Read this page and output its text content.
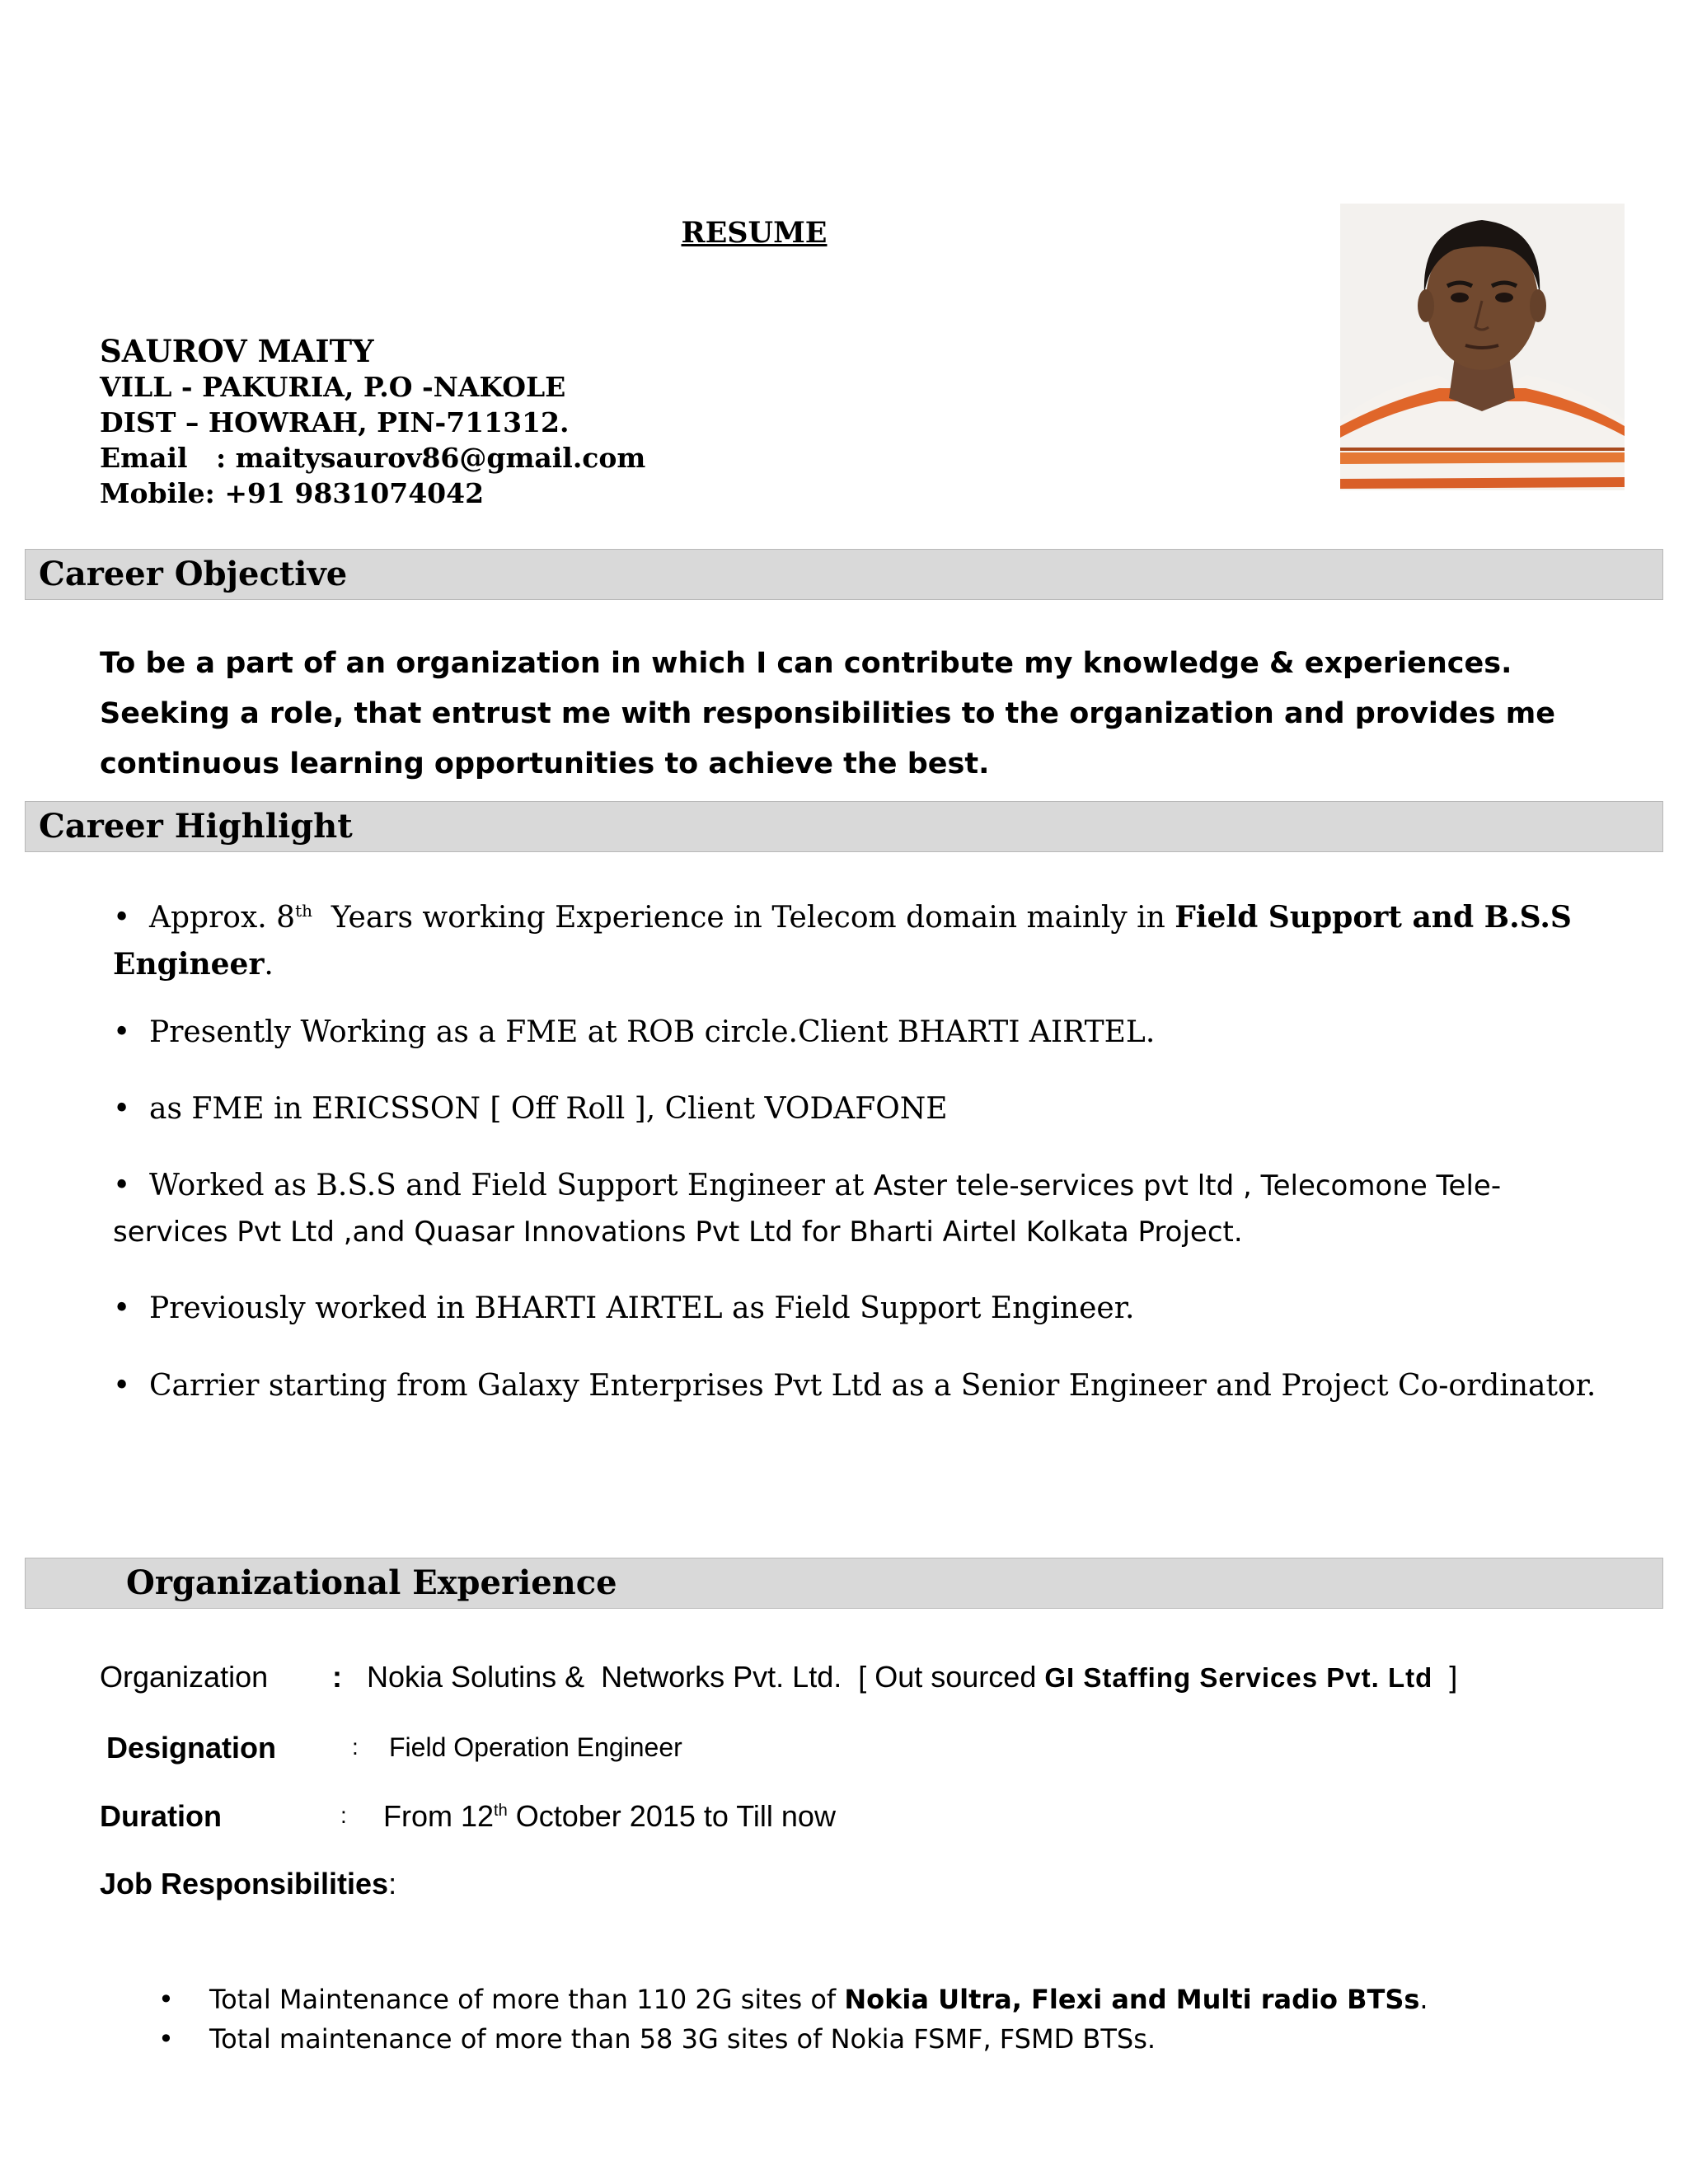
RESUME
SAUROV MAITY
VILL - PAKURIA, P.O -NAKOLE
DIST – HOWRAH, PIN-711312.
Email   : maitysaurov86@gmail.com
Mobile: +91 9831074042
Career Objective
To be a part of an organization in which I can contribute my knowledge & experiences. Seeking a role, that entrust me with responsibilities to the organization and provides me continuous learning opportunities to achieve the best.
Career Highlight
• Approx. 8th  Years working Experience in Telecom domain mainly in Field Support and B.S.S Engineer.
• Presently Working as a FME at ROB circle.Client BHARTI AIRTEL.
• as FME in ERICSSON [ Off Roll ], Client VODAFONE
• Worked as B.S.S and Field Support Engineer at Aster tele-services pvt ltd , Telecomone Tele-services Pvt Ltd ,and Quasar Innovations Pvt Ltd for Bharti Airtel Kolkata Project.
• Previously worked in BHARTI AIRTEL as Field Support Engineer.
• Carrier starting from Galaxy Enterprises Pvt Ltd as a Senior Engineer and Project Co-ordinator.
Organizational Experience
Organization : Nokia Solutins &  Networks Pvt. Ltd.  [ Out sourced GI Staffing Services Pvt. Ltd  ]
Designation	: Field Operation Engineer
Duration	: From 12th October 2015 to Till now
Job Responsibilities:
•	Total Maintenance of more than 110 2G sites of Nokia Ultra, Flexi and Multi radio BTSs.
•	Total maintenance of more than 58 3G sites of Nokia FSMF, FSMD BTSs.
